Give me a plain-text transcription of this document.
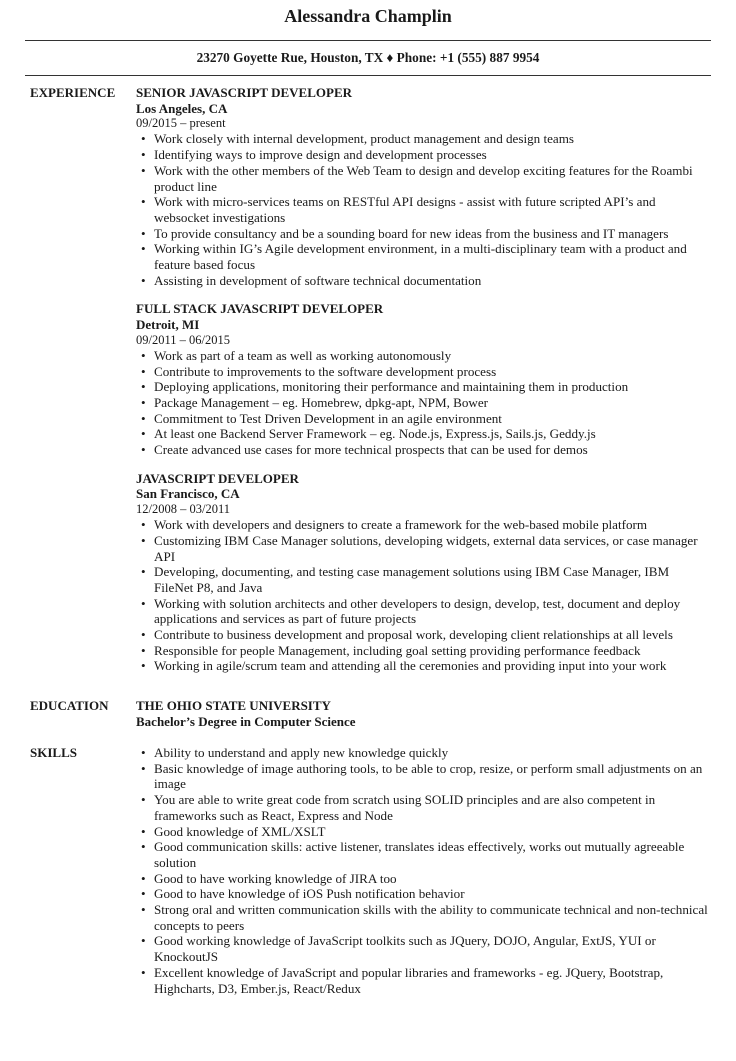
Alessandra Champlin
23270 Goyette Rue, Houston, TX ♦ Phone: +1 (555) 887 9954
EXPERIENCE	SENIOR JAVASCRIPT DEVELOPER

Los Angeles, CA

09/2015 – present

• Work closely with internal development, product management and design teams
• Identifying ways to improve design and development processes
• Work with the other members of the Web Team to design and develop exciting features for the Roambi product line
• Work with micro-services teams on RESTful API designs - assist with future scripted API’s and websocket investigations
• To provide consultancy and be a sounding board for new ideas from the business and IT managers
• Working within IG’s Agile development environment, in a multi-disciplinary team with a product and feature based focus
• Assisting in development of software technical documentation

FULL STACK JAVASCRIPT DEVELOPER

Detroit, MI

09/2011 – 06/2015

• Work as part of a team as well as working autonomously
• Contribute to improvements to the software development process
• Deploying applications, monitoring their performance and maintaining them in production
• Package Management – eg. Homebrew, dpkg-apt, NPM, Bower
• Commitment to Test Driven Development in an agile environment
• At least one Backend Server Framework – eg. Node.js, Express.js, Sails.js, Geddy.js
• Create advanced use cases for more technical prospects that can be used for demos

JAVASCRIPT DEVELOPER

San Francisco, CA

12/2008 – 03/2011

• Work with developers and designers to create a framework for the web-based mobile platform
• Customizing IBM Case Manager solutions, developing widgets, external data services, or case manager API
• Developing, documenting, and testing case management solutions using IBM Case Manager, IBM FileNet P8, and Java
• Working with solution architects and other developers to design, develop, test, document and deploy applications and services as part of future projects
• Contribute to business development and proposal work, developing client relationships at all levels
• Responsible for people Management, including goal setting providing performance feedback
• Working in agile/scrum team and attending all the ceremonies and providing input into your work
EDUCATION	THE OHIO STATE UNIVERSITY

Bachelor’s Degree in Computer Science

SKILLS
•	Ability to understand and apply new knowledge quickly
• Basic knowledge of image authoring tools, to be able to crop, resize, or perform small adjustments on an image
• You are able to write great code from scratch using SOLID principles and are also competent in frameworks such as React, Express and Node
• Good knowledge of XML/XSLT
• Good communication skills: active listener, translates ideas effectively, works out mutually agreeable solution
• Good to have working knowledge of JIRA too
• Good to have knowledge of iOS Push notification behavior
• Strong oral and written communication skills with the ability to communicate technical and non-technical concepts to peers
• Good working knowledge of JavaScript toolkits such as JQuery, DOJO, Angular, ExtJS, YUI or KnockoutJS
• Excellent knowledge of JavaScript and popular libraries and frameworks - eg. JQuery, Bootstrap, Highcharts, D3, Ember.js, React/Redux
